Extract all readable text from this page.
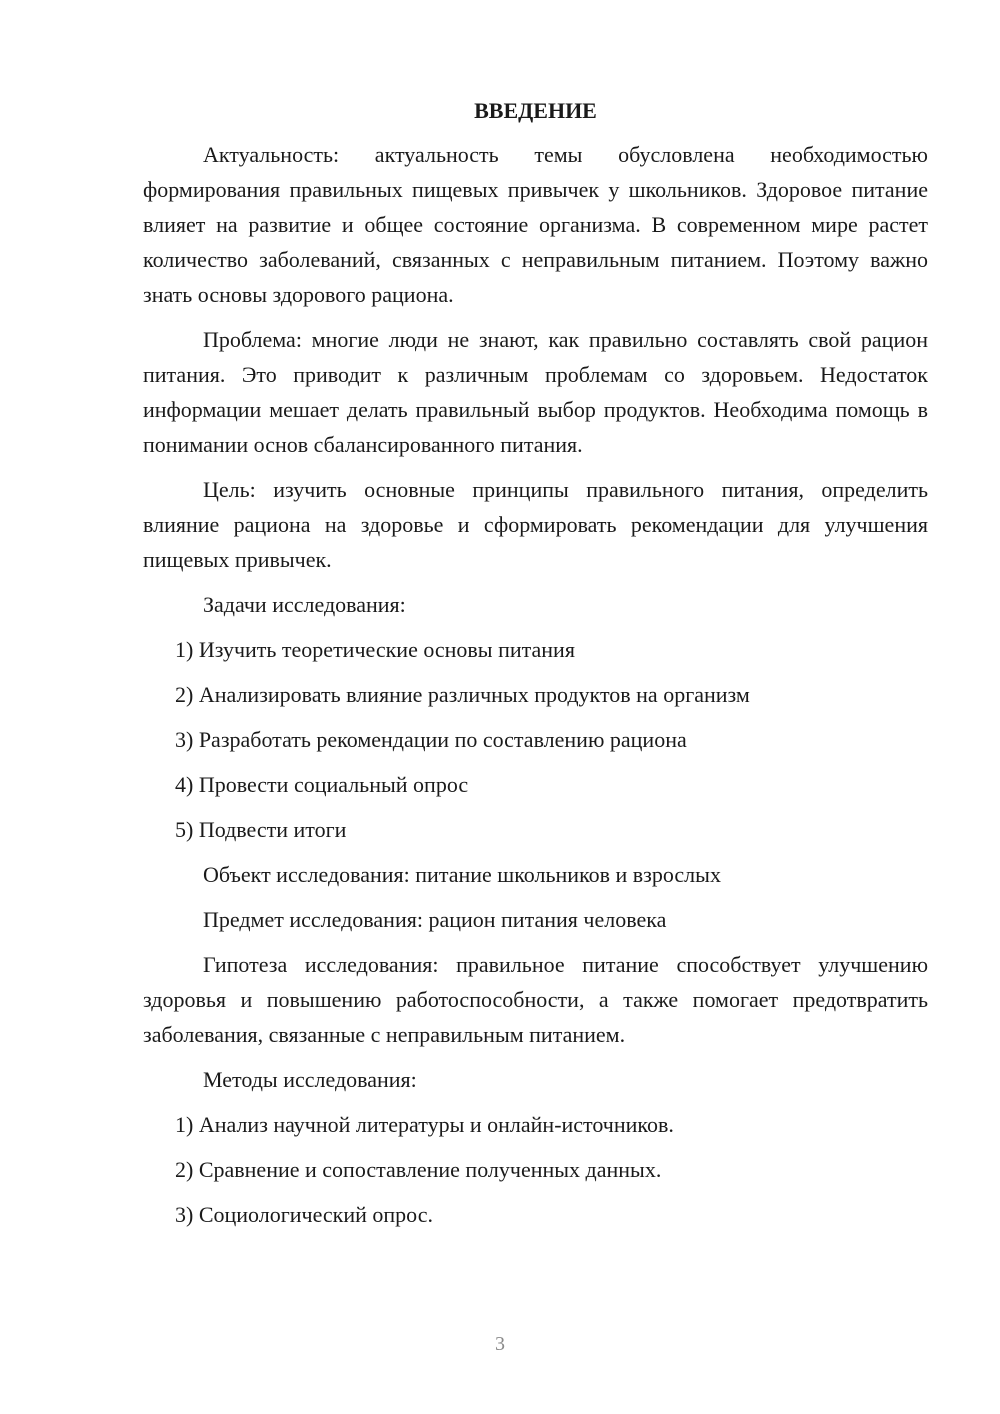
ВВЕДЕНИЕ

Актуальность: актуальность темы обусловлена необходимостью формирования правильных пищевых привычек у школьников. Здоровое питание влияет на развитие и общее состояние организма. В современном мире растет количество заболеваний, связанных с неправильным питанием. Поэтому важно знать основы здорового рациона.

Проблема: многие люди не знают, как правильно составлять свой рацион питания. Это приводит к различным проблемам со здоровьем. Недостаток информации мешает делать правильный выбор продуктов. Необходима помощь в понимании основ сбалансированного питания.

Цель: изучить основные принципы правильного питания, определить влияние рациона на здоровье и сформировать рекомендации для улучшения пищевых привычек.

Задачи исследования:
1) Изучить теоретические основы питания
2) Анализировать влияние различных продуктов на организм
3) Разработать рекомендации по составлению рациона
4) Провести социальный опрос
5) Подвести итоги
Объект исследования: питание школьников и взрослых
Предмет исследования: рацион питания человека

Гипотеза исследования: правильное питание способствует улучшению здоровья и повышению работоспособности, а также помогает предотвратить заболевания, связанные с неправильным питанием.

Методы исследования:
1) Анализ научной литературы и онлайн-источников.
2) Сравнение и сопоставление полученных данных.
3) Социологический опрос.
3
